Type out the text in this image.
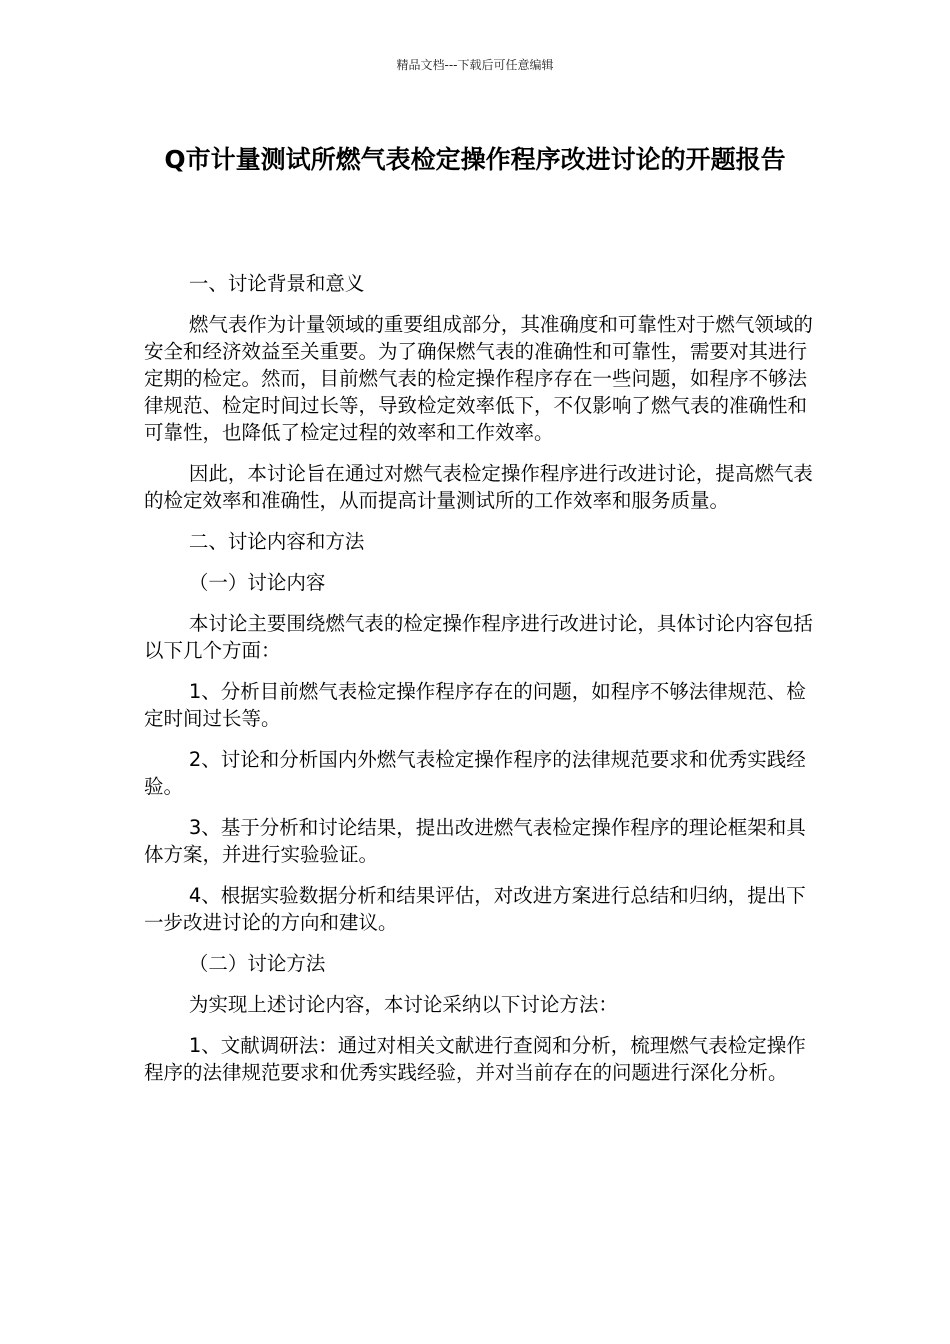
精品文档---下载后可任意编辑
Q市计量测试所燃气表检定操作程序改进讨论的开题报告

一、讨论背景和意义

燃气表作为计量领域的重要组成部分，其准确度和可靠性对于燃气领域的安全和经济效益至关重要。为了确保燃气表的准确性和可靠性，需要对其进行定期的检定。然而，目前燃气表的检定操作程序存在一些问题，如程序不够法律规范、检定时间过长等，导致检定效率低下，不仅影响了燃气表的准确性和可靠性，也降低了检定过程的效率和工作效率。

因此，本讨论旨在通过对燃气表检定操作程序进行改进讨论，提高燃气表的检定效率和准确性，从而提高计量测试所的工作效率和服务质量。

二、讨论内容和方法

（一）讨论内容

本讨论主要围绕燃气表的检定操作程序进行改进讨论，具体讨论内容包括以下几个方面：

1、分析目前燃气表检定操作程序存在的问题，如程序不够法律规范、检定时间过长等。

2、讨论和分析国内外燃气表检定操作程序的法律规范要求和优秀实践经验。

3、基于分析和讨论结果，提出改进燃气表检定操作程序的理论框架和具体方案，并进行实验验证。

4、根据实验数据分析和结果评估，对改进方案进行总结和归纳，提出下一步改进讨论的方向和建议。

（二）讨论方法

为实现上述讨论内容，本讨论采纳以下讨论方法：

1、文献调研法：通过对相关文献进行查阅和分析，梳理燃气表检定操作程序的法律规范要求和优秀实践经验，并对当前存在的问题进行深化分析。
